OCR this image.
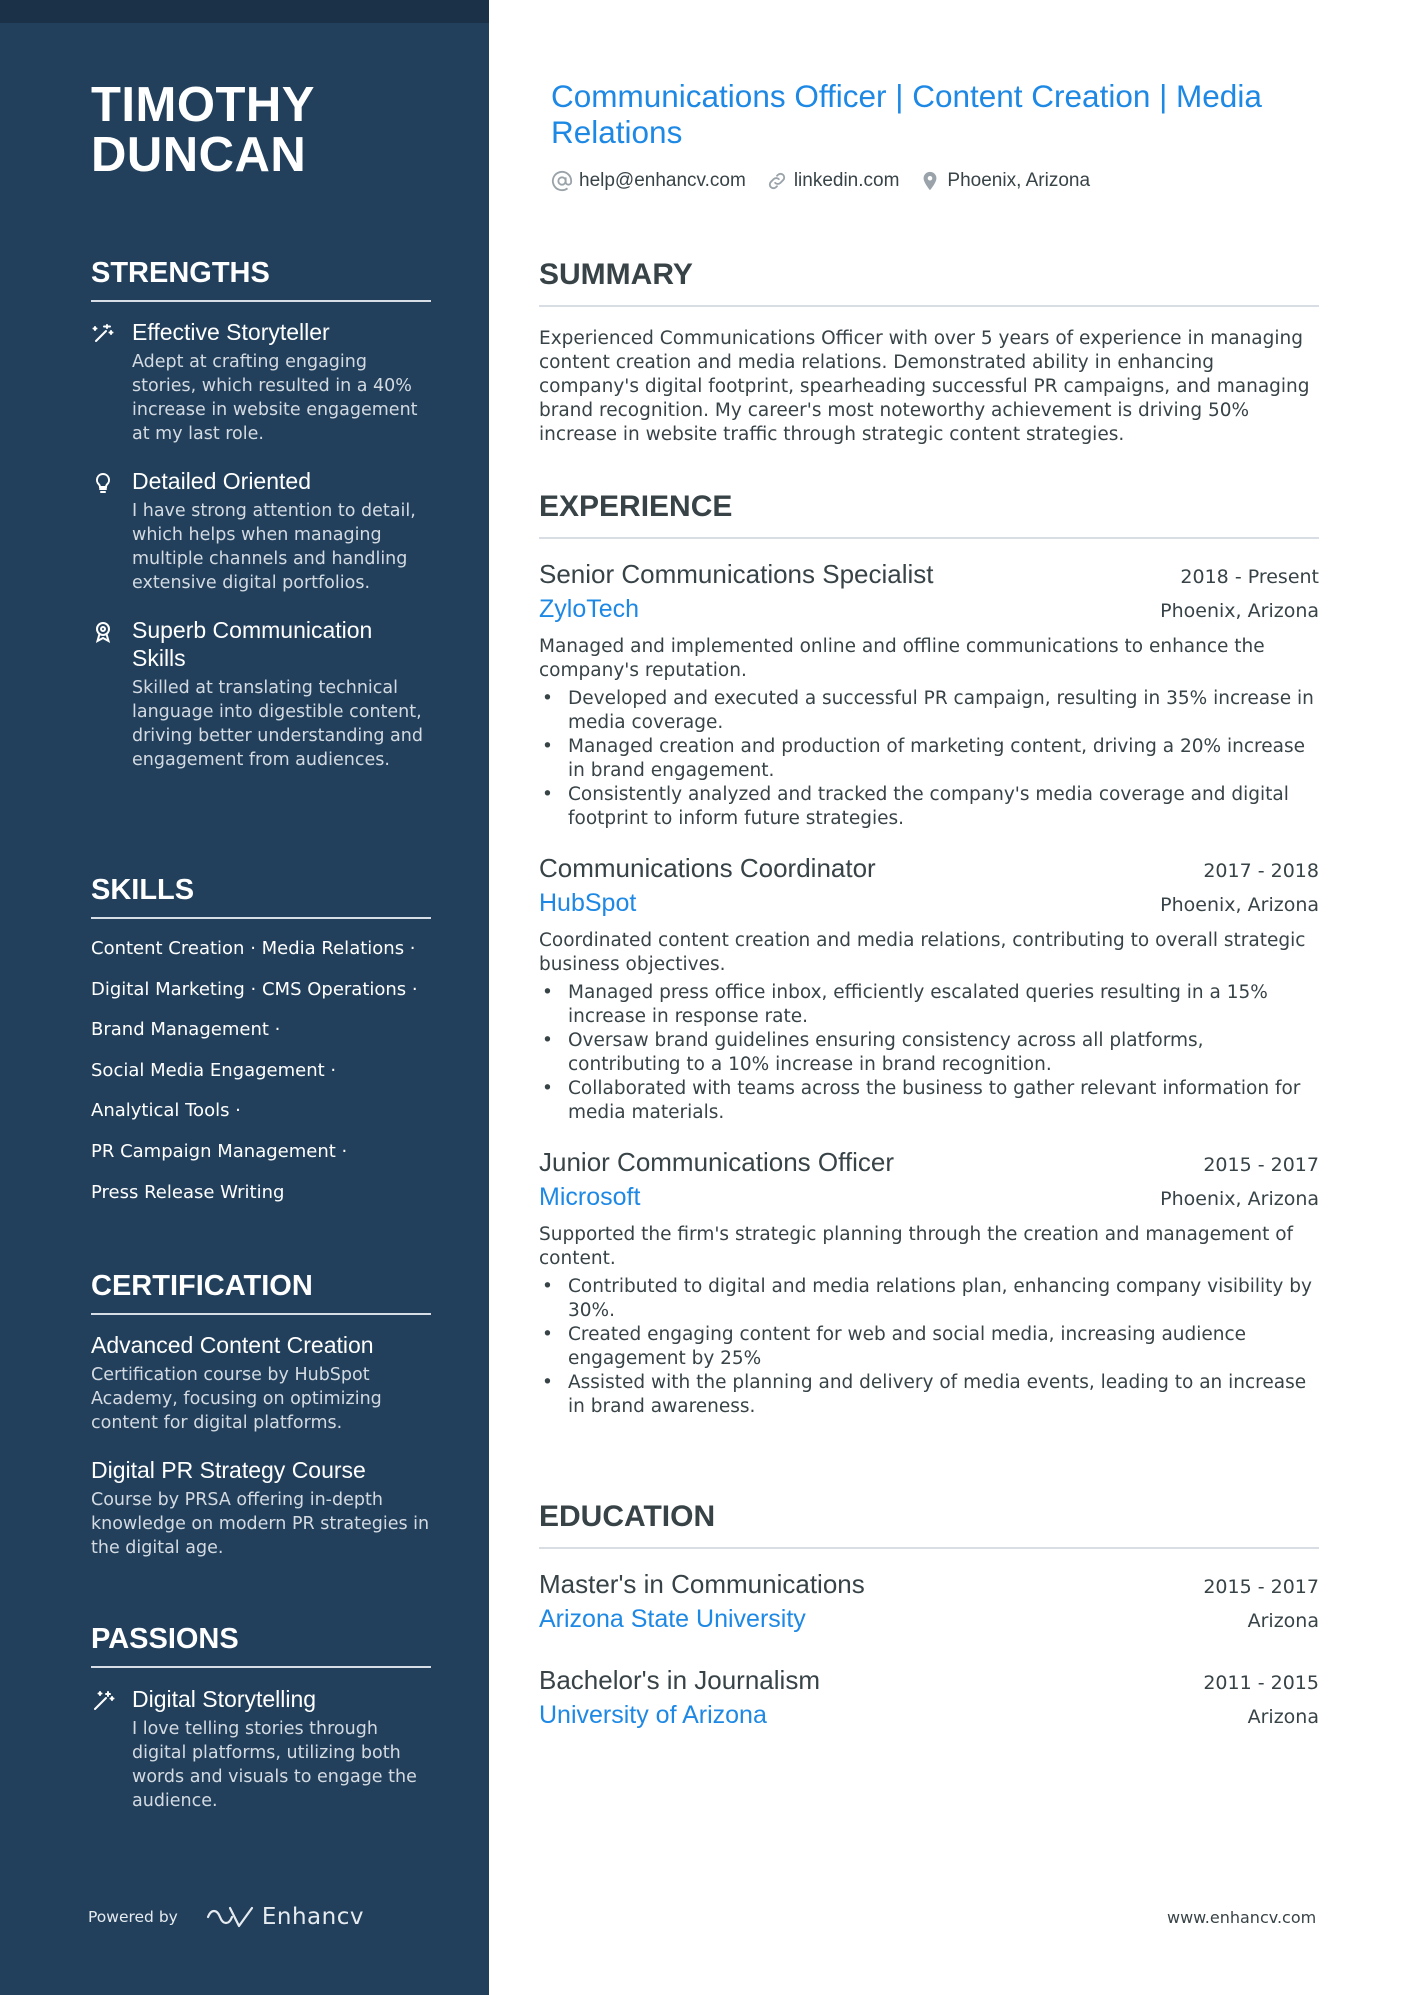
TIMOTHY DUNCAN
STRENGTHS
Effective Storyteller
Adept at crafting engaging stories, which resulted in a 40% increase in website engagement at my last role.
Detailed Oriented
I have strong attention to detail, which helps when managing multiple channels and handling extensive digital portfolios.
Superb Communication Skills
Skilled at translating technical language into digestible content, driving better understanding and engagement from audiences.
SKILLS
Content Creation · Media Relations ·
Digital Marketing · CMS Operations ·
Brand Management ·
Social Media Engagement ·
Analytical Tools ·
PR Campaign Management ·
Press Release Writing
CERTIFICATION
Advanced Content Creation
Certification course by HubSpot Academy, focusing on optimizing content for digital platforms.
Digital PR Strategy Course
Course by PRSA offering in-depth knowledge on modern PR strategies in the digital age.
PASSIONS
Digital Storytelling
I love telling stories through digital platforms, utilizing both words and visuals to engage the audience.
Powered by	Enhancv
Communications Officer | Content Creation | Media Relations
help@enhancv.com	linkedin.com	Phoenix, Arizona
SUMMARY

Experienced Communications Officer with over 5 years of experience in managing content creation and media relations. Demonstrated ability in enhancing company's digital footprint, spearheading successful PR campaigns, and managing brand recognition. My career's most noteworthy achievement is driving 50% increase in website traffic through strategic content strategies.

EXPERIENCE
Senior Communications Specialist	2018 - Present
ZyloTech	Phoenix, Arizona

Managed and implemented online and offline communications to enhance the company's reputation.

• Developed and executed a successful PR campaign, resulting in 35% increase in media coverage.
• Managed creation and production of marketing content, driving a 20% increase in brand engagement.
• Consistently analyzed and tracked the company's media coverage and digital footprint to inform future strategies.
Communications Coordinator	2017 - 2018
HubSpot	Phoenix, Arizona

Coordinated content creation and media relations, contributing to overall strategic business objectives.

• Managed press office inbox, efficiently escalated queries resulting in a 15% increase in response rate.
• Oversaw brand guidelines ensuring consistency across all platforms, contributing to a 10% increase in brand recognition.
• Collaborated with teams across the business to gather relevant information for media materials.
Junior Communications Officer	2015 - 2017
Microsoft	Phoenix, Arizona

Supported the firm's strategic planning through the creation and management of content.

• Contributed to digital and media relations plan, enhancing company visibility by 30%.
• Created engaging content for web and social media, increasing audience engagement by 25%
• Assisted with the planning and delivery of media events, leading to an increase in brand awareness.
EDUCATION
Master's in Communications	2015 - 2017
Arizona State University	Arizona
Bachelor's in Journalism	2011 - 2015
University of Arizona	Arizona
www.enhancv.com
